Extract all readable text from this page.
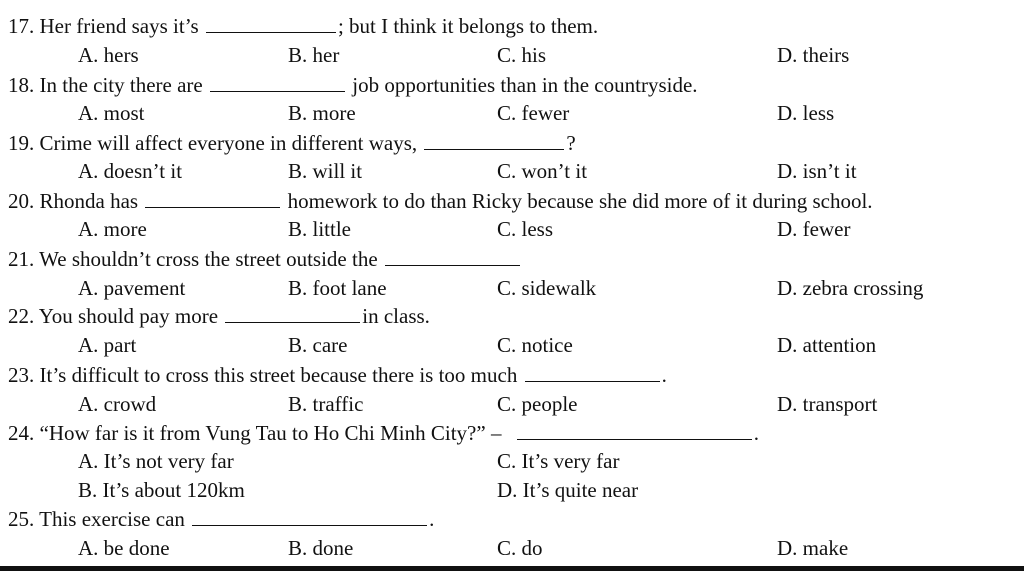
17. Her friend says it’s	; but I think it belongs to them.
A. hers	B. her	C. his	D. theirs
18. In the city there are	job opportunities than in the countryside.
A. most	B. more	C. fewer	D. less
19. Crime will affect everyone in different ways,	?
A. doesn’t it	B. will it	C. won’t it	D. isn’t it
20. Rhonda has	homework to do than Ricky because she did more of it during school.
A. more	B. little	C. less	D. fewer
21. We shouldn’t cross the street outside the
A. pavement	B. foot lane	C. sidewalk	D. zebra crossing
22. You should pay more	in class.
A. part	B. care	C. notice	D. attention
23. It’s difficult to cross this street because there is too much	.
A. crowd	B. traffic	C. people	D. transport
24. “How far is it from Vung Tau to Ho Chi Minh City?” –	.
A. It’s not very far	C. It’s very far
B. It’s about 120km	D. It’s quite near
25. This exercise can	.
A. be done	B. done	C. do	D. make
